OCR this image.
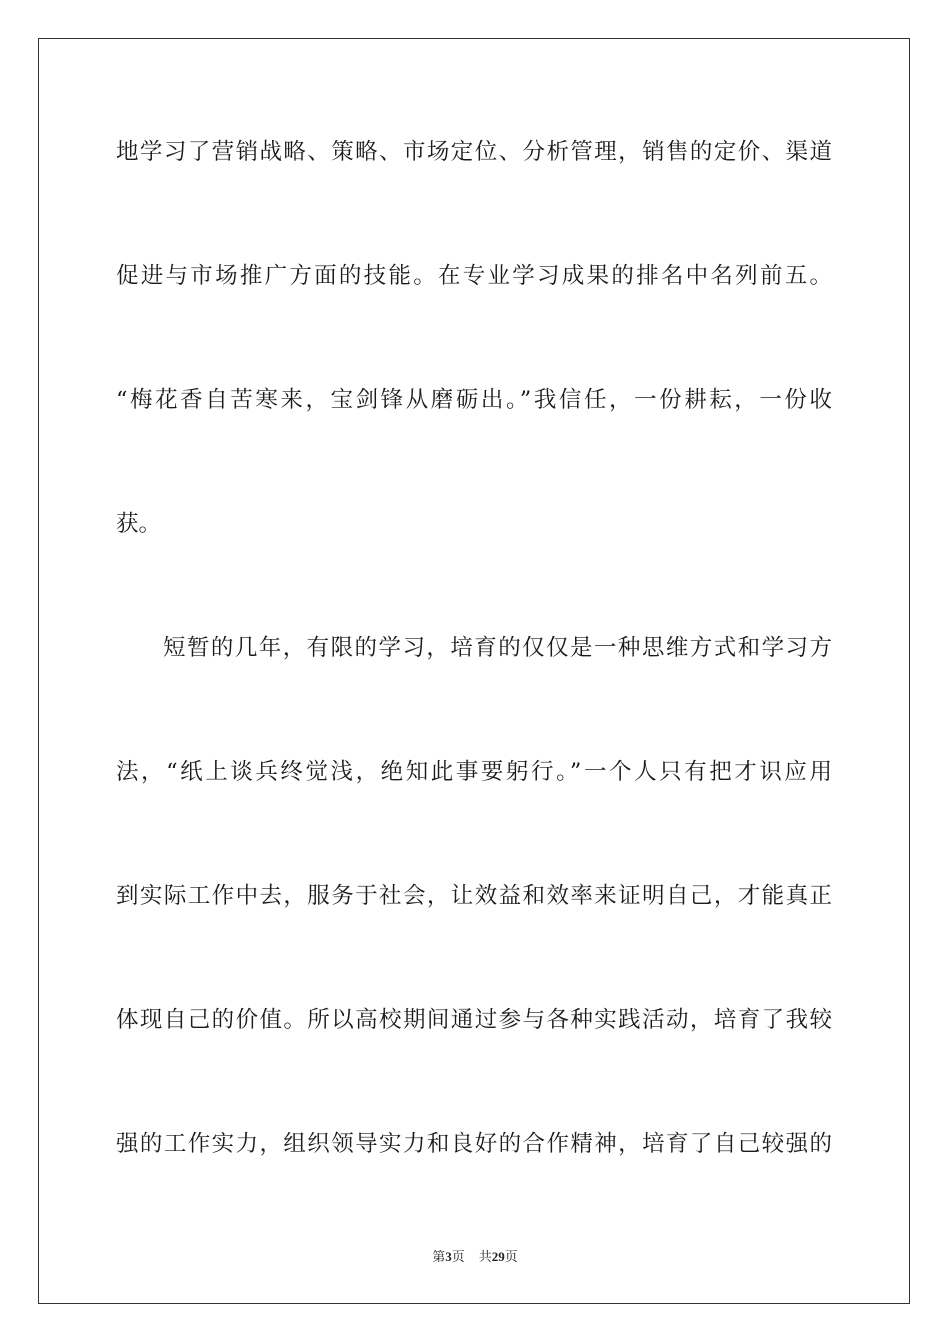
地学习了营销战略、策略、市场定位、分析管理，销售的定价、渠道
促进与市场推广方面的技能。在专业学习成果的排名中名列前五。
“梅花香自苦寒来，宝剑锋从磨砺出。”我信任，一份耕耘，一份收
获。
短暂的几年，有限的学习，培育的仅仅是一种思维方式和学习方
法，“纸上谈兵终觉浅，绝知此事要躬行。”一个人只有把才识应用
到实际工作中去，服务于社会，让效益和效率来证明自己，才能真正
体现自己的价值。所以高校期间通过参与各种实践活动，培育了我较
强的工作实力，组织领导实力和良好的合作精神，培育了自己较强的
第3页 共29页
